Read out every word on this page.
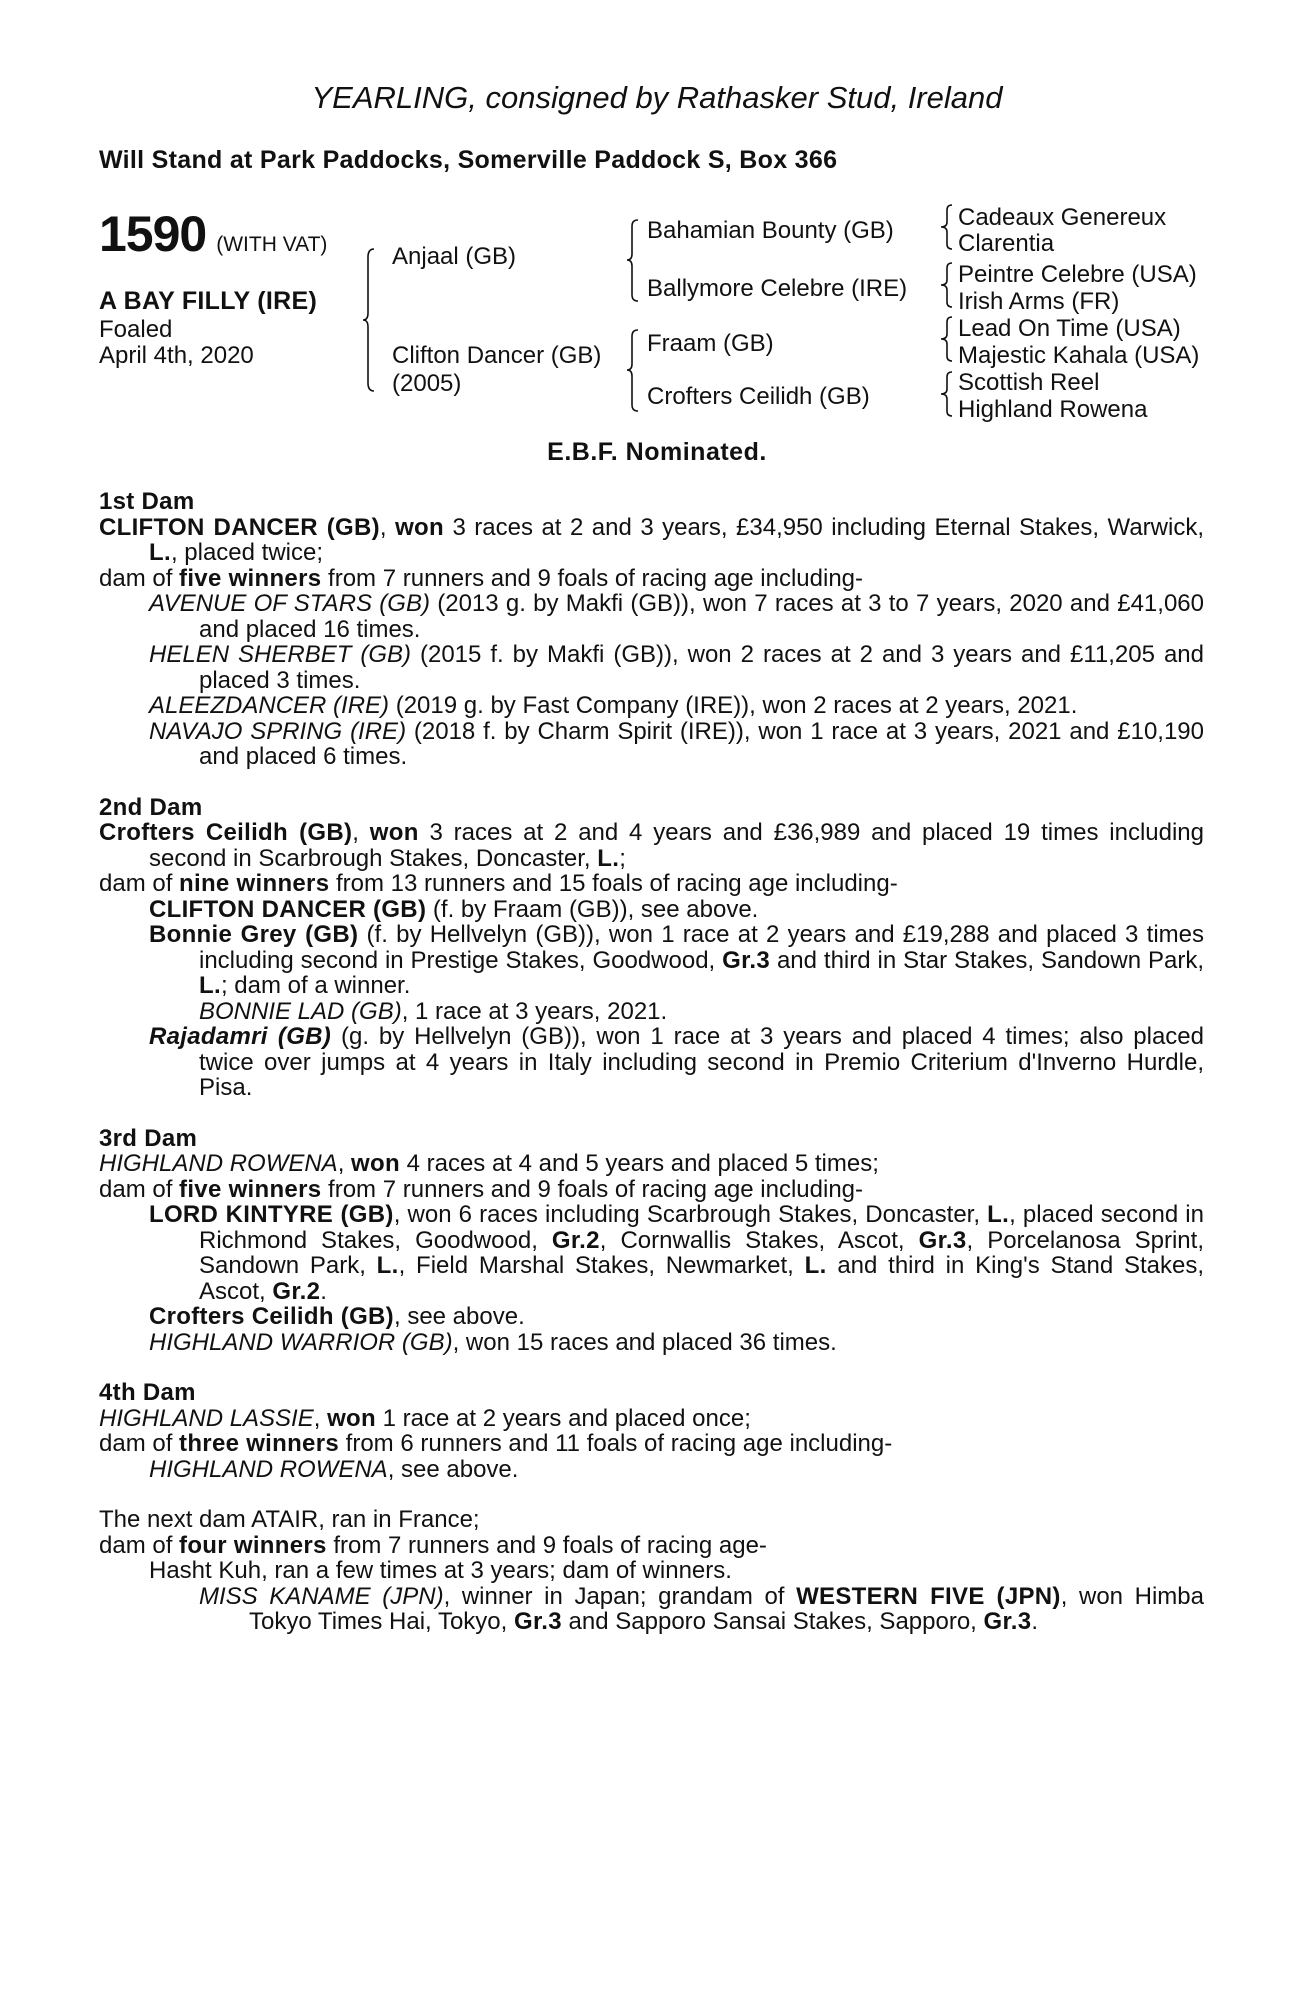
YEARLING, consigned by Rathasker Stud, Ireland
Will Stand at Park Paddocks, Somerville Paddock S, Box 366
1590 (WITH VAT)
A BAY FILLY (IRE)
Foaled
April 4th, 2020
Anjaal (GB)
Clifton Dancer (GB)
(2005)
Bahamian Bounty (GB)
Ballymore Celebre (IRE)
Fraam (GB)
Crofters Ceilidh (GB)
Cadeaux Genereux
Clarentia
Peintre Celebre (USA)
Irish Arms (FR)
Lead On Time (USA)
Majestic Kahala (USA)
Scottish Reel
Highland Rowena
E.B.F. Nominated.
1st Dam
CLIFTON DANCER (GB), won 3 races at 2 and 3 years, £34,950 including Eternal Stakes, Warwick, L., placed twice;
dam of five winners from 7 runners and 9 foals of racing age including-
AVENUE OF STARS (GB) (2013 g. by Makfi (GB)), won 7 races at 3 to 7 years, 2020 and £41,060 and placed 16 times.
HELEN SHERBET (GB) (2015 f. by Makfi (GB)), won 2 races at 2 and 3 years and £11,205 and placed 3 times.
ALEEZDANCER (IRE) (2019 g. by Fast Company (IRE)), won 2 races at 2 years, 2021.
NAVAJO SPRING (IRE) (2018 f. by Charm Spirit (IRE)), won 1 race at 3 years, 2021 and £10,190 and placed 6 times.
2nd Dam
Crofters Ceilidh (GB), won 3 races at 2 and 4 years and £36,989 and placed 19 times including second in Scarbrough Stakes, Doncaster, L.;
dam of nine winners from 13 runners and 15 foals of racing age including-
CLIFTON DANCER (GB) (f. by Fraam (GB)), see above.
Bonnie Grey (GB) (f. by Hellvelyn (GB)), won 1 race at 2 years and £19,288 and placed 3 times including second in Prestige Stakes, Goodwood, Gr.3 and third in Star Stakes, Sandown Park, L.; dam of a winner.
BONNIE LAD (GB), 1 race at 3 years, 2021.
Rajadamri (GB) (g. by Hellvelyn (GB)), won 1 race at 3 years and placed 4 times; also placed twice over jumps at 4 years in Italy including second in Premio Criterium d'Inverno Hurdle, Pisa.
3rd Dam
HIGHLAND ROWENA, won 4 races at 4 and 5 years and placed 5 times;
dam of five winners from 7 runners and 9 foals of racing age including-
LORD KINTYRE (GB), won 6 races including Scarbrough Stakes, Doncaster, L., placed second in Richmond Stakes, Goodwood, Gr.2, Cornwallis Stakes, Ascot, Gr.3, Porcelanosa Sprint, Sandown Park, L., Field Marshal Stakes, Newmarket, L. and third in King's Stand Stakes, Ascot, Gr.2.
Crofters Ceilidh (GB), see above.
HIGHLAND WARRIOR (GB), won 15 races and placed 36 times.
4th Dam
HIGHLAND LASSIE, won 1 race at 2 years and placed once;
dam of three winners from 6 runners and 11 foals of racing age including-
HIGHLAND ROWENA, see above.
The next dam ATAIR, ran in France;
dam of four winners from 7 runners and 9 foals of racing age-
Hasht Kuh, ran a few times at 3 years; dam of winners.
MISS KANAME (JPN), winner in Japan; grandam of WESTERN FIVE (JPN), won Himba Tokyo Times Hai, Tokyo, Gr.3 and Sapporo Sansai Stakes, Sapporo, Gr.3.
